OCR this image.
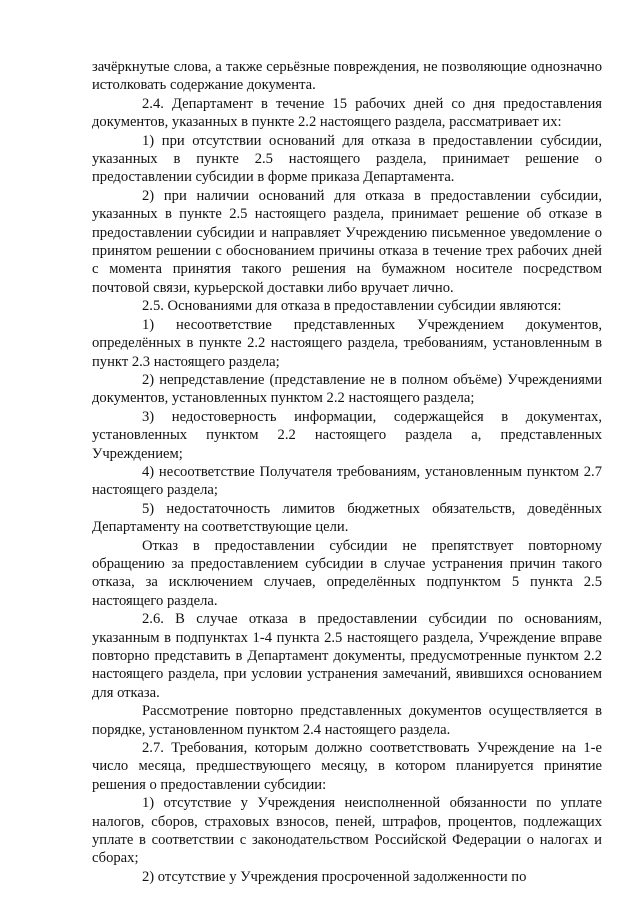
зачёркнутые слова, а также серьёзные повреждения, не позволяющие однозначно истолковать содержание документа.

2.4. Департамент в течение 15 рабочих дней со дня предоставления документов, указанных в пункте 2.2 настоящего раздела, рассматривает их:

1) при отсутствии оснований для отказа в предоставлении субсидии, указанных в пункте 2.5 настоящего раздела, принимает решение о предоставлении субсидии в форме приказа Департамента.

2) при наличии оснований для отказа в предоставлении субсидии, указанных в пункте 2.5 настоящего раздела, принимает решение об отказе в предоставлении субсидии и направляет Учреждению письменное уведомление о принятом решении с обоснованием причины отказа в течение трех рабочих дней с момента принятия такого решения на бумажном носителе посредством почтовой связи, курьерской доставки либо вручает лично.

2.5. Основаниями для отказа в предоставлении субсидии являются:

1) несоответствие представленных Учреждением документов, определённых в пункте 2.2 настоящего раздела, требованиям, установленным в пункт 2.3 настоящего раздела;

2) непредставление (представление не в полном объёме) Учреждениями документов, установленных пунктом 2.2 настоящего раздела;

3) недостоверность информации, содержащейся в документах, установленных пунктом 2.2 настоящего раздела а, представленных Учреждением;

4) несоответствие Получателя требованиям, установленным пунктом 2.7 настоящего раздела;

5) недостаточность лимитов бюджетных обязательств, доведённых Департаменту на соответствующие цели.

Отказ в предоставлении субсидии не препятствует повторному обращению за предоставлением субсидии в случае устранения причин такого отказа, за исключением случаев, определённых подпунктом 5 пункта 2.5 настоящего раздела.

2.6. В случае отказа в предоставлении субсидии по основаниям, указанным в подпунктах 1-4 пункта 2.5 настоящего раздела, Учреждение вправе повторно представить в Департамент документы, предусмотренные пунктом 2.2 настоящего раздела, при условии устранения замечаний, явившихся основанием для отказа.

Рассмотрение повторно представленных документов осуществляется в порядке, установленном пунктом 2.4 настоящего раздела.

2.7. Требования, которым должно соответствовать Учреждение на 1-е число месяца, предшествующего месяцу, в котором планируется принятие решения о предоставлении субсидии:

1) отсутствие у Учреждения неисполненной обязанности по уплате налогов, сборов, страховых взносов, пеней, штрафов, процентов, подлежащих уплате в соответствии с законодательством Российской Федерации о налогах и сборах;

2) отсутствие у Учреждения просроченной задолженности по
